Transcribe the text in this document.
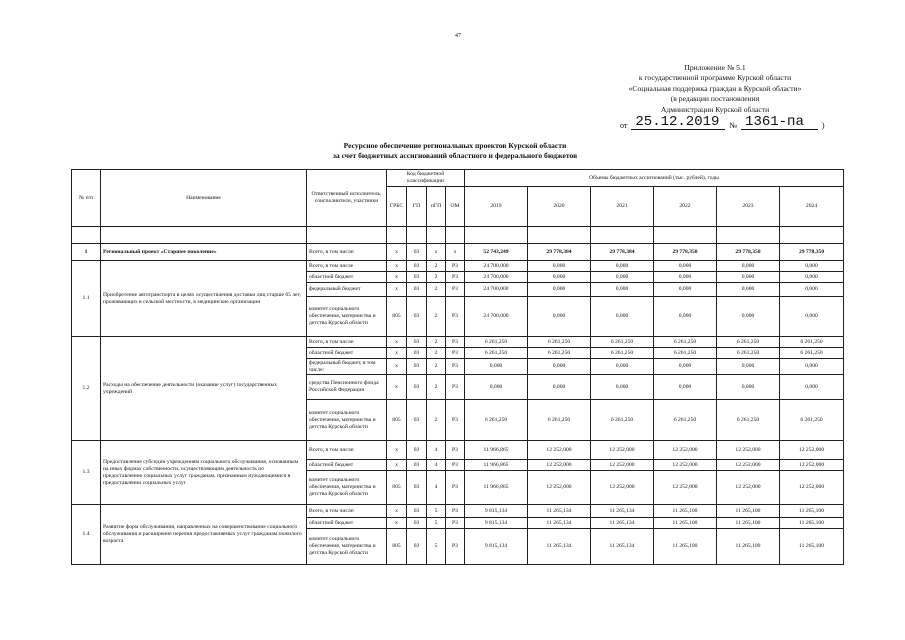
47
Приложение № 5.1
к государственной программе Курской области
«Социальная поддержка граждан в Курской области»
(в редакции постановления
Администрации Курской области
от 25.12.2019	№ 1361-па	)
Ресурсное обеспечение региональных проектов Курской области
за счет бюджетных ассигнований областного и федерального бюджетов
№ п/п	Наименование	Ответственный исполнитель, соисполнители, участники	Код бюджетной классификации				Объемы бюджетных ассигнований (тыс. рублей), годы					
			ГРБС	ГП	пГП	ОМ	2019	2020	2021	2022	2023	2024

1	Региональный проект «Старшее поколение»	Всего, в том числе:	x	03	x	x	52 743,249	29 778,384	29 778,384	29 778,350	29 778,350	29 778,350
1.1	Приобретение автотранспорта в целях осуществления доставки лиц старше 65 лет, проживающих в сельской местности, в медицинские организации	Всего, в том числе	x	03	2	P3	24 700,000	0,000	0,000	0,000	0,000	0,000
		областной бюджет	x	03	2	P3	24 700,000	0,000	0,000	0,000	0,000	0,000
		федеральный бюджет	x	03	2	P3	24 700,000	0,000	0,000	0,000	0,000	0,000
		комитет социального обеспечения, материнства и детства Курской области	805	03	2	P3	24 700,000	0,000	0,000	0,000	0,000	0,000
1.2	Расходы на обеспечение деятельности (оказание услуг) государственных учреждений	Всего, в том числе:	x	03	2	P3	6 261,250	6 261,250	6 261,250	6 261,250	6 261,250	6 261,250
		областной бюджет	x	03	2	P3	6 261,250	6 261,250	6 261,250	6 261,250	6 261,250	6 261,250
		федеральный бюджет, в том числе:	x	03	2	P3	0,000	0,000	0,000	0,000	0,000	0,000
		средства Пенсионного фонда Российской Федерации	x	03	2	P3	0,000	0,000	0,000	0,000	0,000	0,000
		комитет социального обеспечения, материнства и детства Курской области	805	03	2	P3	6 261,250	6 261,250	6 261,250	6 261,250	6 261,250	6 261,250
1.3	Предоставление субсидии учреждениям социального обслуживания, основанным на иных формах собственности, осуществляющим деятельность по предоставлению социальных услуг гражданам, признанным нуждающимися в предоставлении социальных услуг	Всего, в том числе:	x	03	4	P3	11 966,865	12 252,000	12 252,000	12 252,000	12 252,000	12 252,000
		областной бюджет	x	03	4	P3	11 966,865	12 252,000	12 252,000	12 252,000	12 252,000	12 252,000
		комитет социального обеспечения, материнства и детства Курской области	805	03	4	P3	11 966,865	12 252,000	12 252,000	12 252,000	12 252,000	12 252,000
1.4	Развитие форм обслуживания, направленных на совершенствование социального обслуживания и расширение перечня предоставляемых услуг гражданам пожилого возраста	Всего, в том числе:	x	03	5	P3	9 815,134	11 265,134	11 265,134	11 265,100	11 265,100	11 265,100
		областной бюджет	x	03	5	P3	9 815,134	11 265,134	11 265,134	11 265,100	11 265,100	11 265,100
		комитет социального обеспечения, материнства и детства Курской области	805	03	5	P3	9 815,134	11 265,134	11 265,134	11 265,100	11 265,100	11 265,100
